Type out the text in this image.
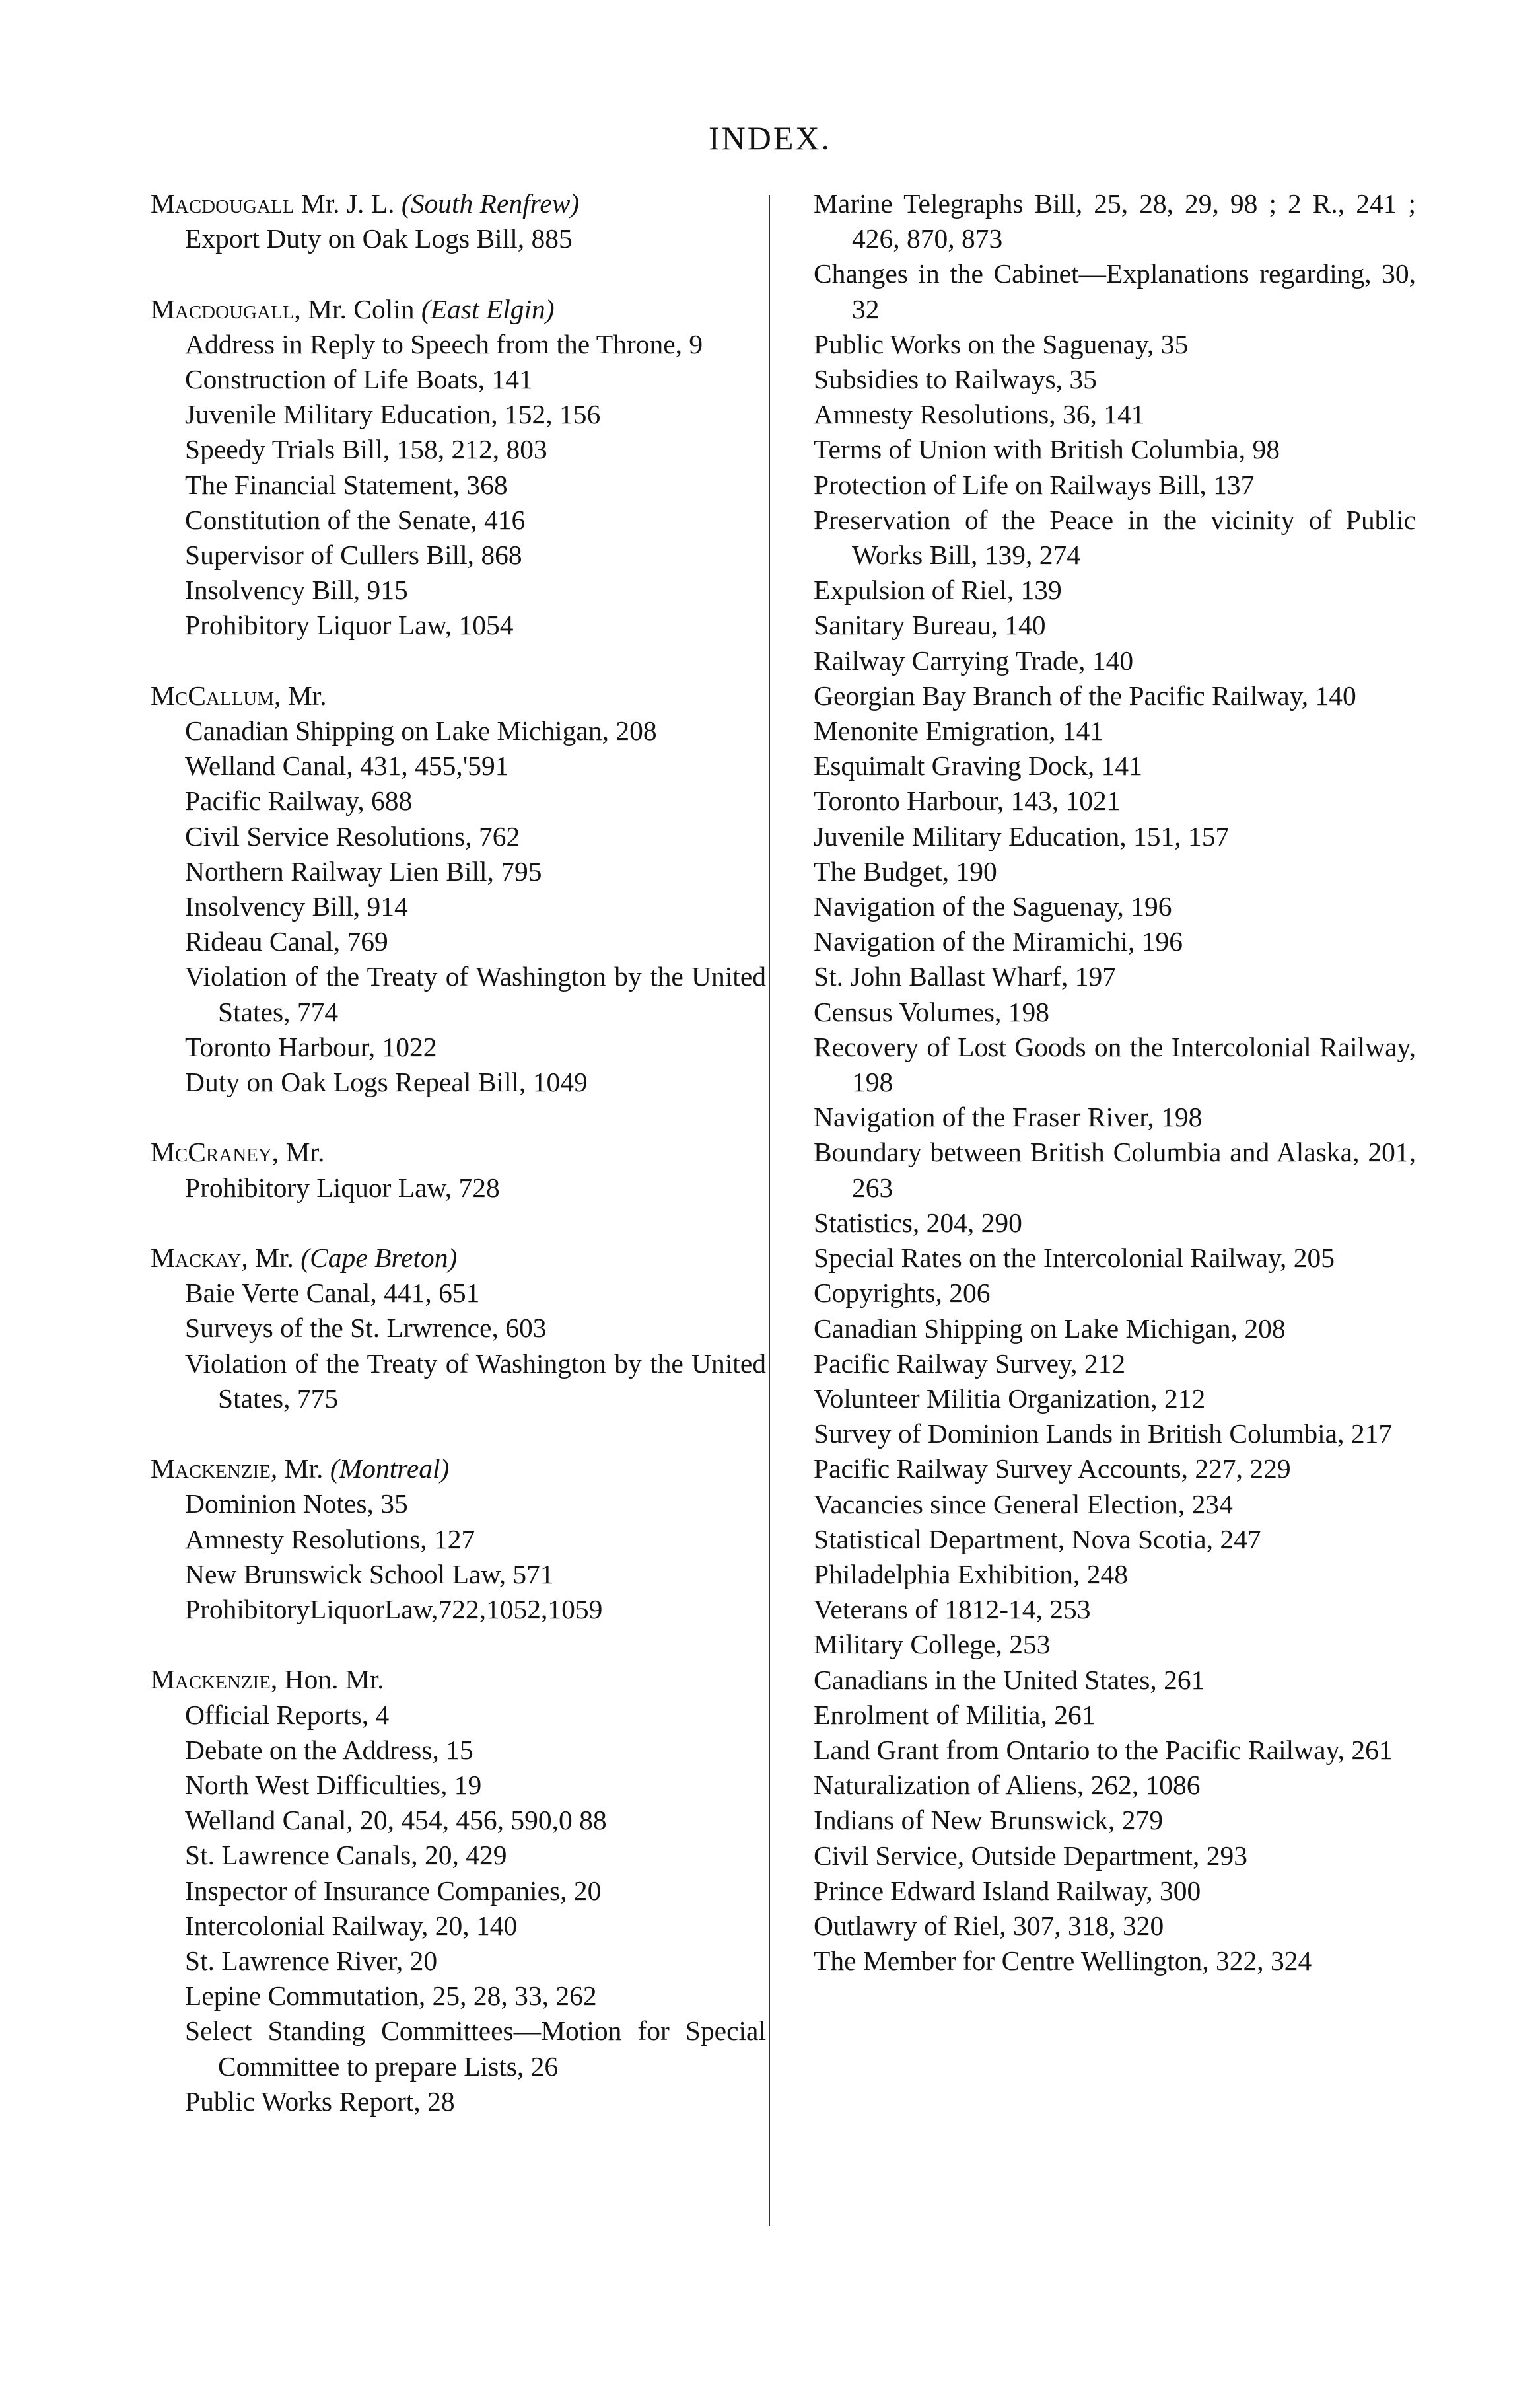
INDEX.
Macdougall Mr. J. L. (South Renfrew)
Export Duty on Oak Logs Bill, 885
Macdougall, Mr. Colin (East Elgin)
Address in Reply to Speech from the Throne, 9
Construction of Life Boats, 141
Juvenile Military Education, 152, 156
Speedy Trials Bill, 158, 212, 803
The Financial Statement, 368
Constitution of the Senate, 416
Supervisor of Cullers Bill, 868
Insolvency Bill, 915
Prohibitory Liquor Law, 1054
McCallum, Mr.
Canadian Shipping on Lake Michigan, 208
Welland Canal, 431, 455,'591
Pacific Railway, 688
Civil Service Resolutions, 762
Northern Railway Lien Bill, 795
Insolvency Bill, 914
Rideau Canal, 769
Violation of the Treaty of Washington by the United States, 774
Toronto Harbour, 1022
Duty on Oak Logs Repeal Bill, 1049
McCraney, Mr.
Prohibitory Liquor Law, 728
Mackay, Mr. (Cape Breton)
Baie Verte Canal, 441, 651
Surveys of the St. Lrwrence, 603
Violation of the Treaty of Washington by the United States, 775
Mackenzie, Mr. (Montreal)
Dominion Notes, 35
Amnesty Resolutions, 127
New Brunswick School Law, 571
ProhibitoryLiquorLaw,722,1052,1059
Mackenzie, Hon. Mr.
Official Reports, 4
Debate on the Address, 15
North West Difficulties, 19
Welland Canal, 20, 454, 456, 590,0 88
St. Lawrence Canals, 20, 429
Inspector of Insurance Companies, 20
Intercolonial Railway, 20, 140
St. Lawrence River, 20
Lepine Commutation, 25, 28, 33, 262
Select Standing Committees—Motion for Special Committee to prepare Lists, 26
Public Works Report, 28
Marine Telegraphs Bill, 25, 28, 29, 98 ; 2 R., 241 ; 426, 870, 873
Changes in the Cabinet—Explanations regarding, 30, 32
Public Works on the Saguenay, 35
Subsidies to Railways, 35
Amnesty Resolutions, 36, 141
Terms of Union with British Columbia, 98
Protection of Life on Railways Bill, 137
Preservation of the Peace in the vicinity of Public Works Bill, 139, 274
Expulsion of Riel, 139
Sanitary Bureau, 140
Railway Carrying Trade, 140
Georgian Bay Branch of the Pacific Railway, 140
Menonite Emigration, 141
Esquimalt Graving Dock, 141
Toronto Harbour, 143, 1021
Juvenile Military Education, 151, 157
The Budget, 190
Navigation of the Saguenay, 196
Navigation of the Miramichi, 196
St. John Ballast Wharf, 197
Census Volumes, 198
Recovery of Lost Goods on the Intercolonial Railway, 198
Navigation of the Fraser River, 198
Boundary between British Columbia and Alaska, 201, 263
Statistics, 204, 290
Special Rates on the Intercolonial Railway, 205
Copyrights, 206
Canadian Shipping on Lake Michigan, 208
Pacific Railway Survey, 212
Volunteer Militia Organization, 212
Survey of Dominion Lands in British Columbia, 217
Pacific Railway Survey Accounts, 227, 229
Vacancies since General Election, 234
Statistical Department, Nova Scotia, 247
Philadelphia Exhibition, 248
Veterans of 1812-14, 253
Military College, 253
Canadians in the United States, 261
Enrolment of Militia, 261
Land Grant from Ontario to the Pacific Railway, 261
Naturalization of Aliens, 262, 1086
Indians of New Brunswick, 279
Civil Service, Outside Department, 293
Prince Edward Island Railway, 300
Outlawry of Riel, 307, 318, 320
The Member for Centre Wellington, 322, 324
